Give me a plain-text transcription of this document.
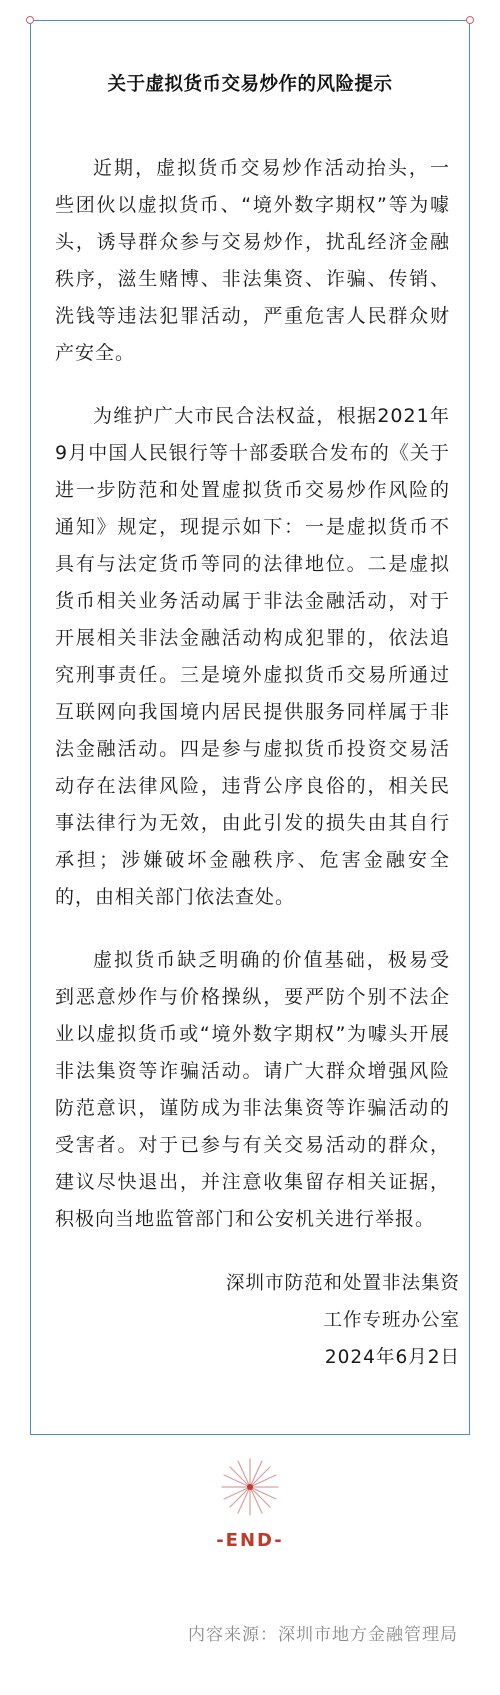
关于虚拟货币交易炒作的风险提示

近期，虚拟货币交易炒作活动抬头，一些团伙以虚拟货币、“境外数字期权”等为噱头，诱导群众参与交易炒作，扰乱经济金融秩序，滋生赌博、非法集资、诈骗、传销、洗钱等违法犯罪活动，严重危害人民群众财产安全。

为维护广大市民合法权益，根据2021年9月中国人民银行等十部委联合发布的《关于进一步防范和处置虚拟货币交易炒作风险的通知》规定，现提示如下：一是虚拟货币不具有与法定货币等同的法律地位。二是虚拟货币相关业务活动属于非法金融活动，对于开展相关非法金融活动构成犯罪的，依法追究刑事责任。三是境外虚拟货币交易所通过互联网向我国境内居民提供服务同样属于非法金融活动。四是参与虚拟货币投资交易活动存在法律风险，违背公序良俗的，相关民事法律行为无效，由此引发的损失由其自行承担；涉嫌破坏金融秩序、危害金融安全的，由相关部门依法查处。

虚拟货币缺乏明确的价值基础，极易受到恶意炒作与价格操纵，要严防个别不法企业以虚拟货币或“境外数字期权”为噱头开展非法集资等诈骗活动。请广大群众增强风险防范意识，谨防成为非法集资等诈骗活动的受害者。对于已参与有关交易活动的群众，建议尽快退出，并注意收集留存相关证据，积极向当地监管部门和公安机关进行举报。

深圳市防范和处置非法集资
工作专班办公室
2024年6月2日
-END-
内容来源：深圳市地方金融管理局
